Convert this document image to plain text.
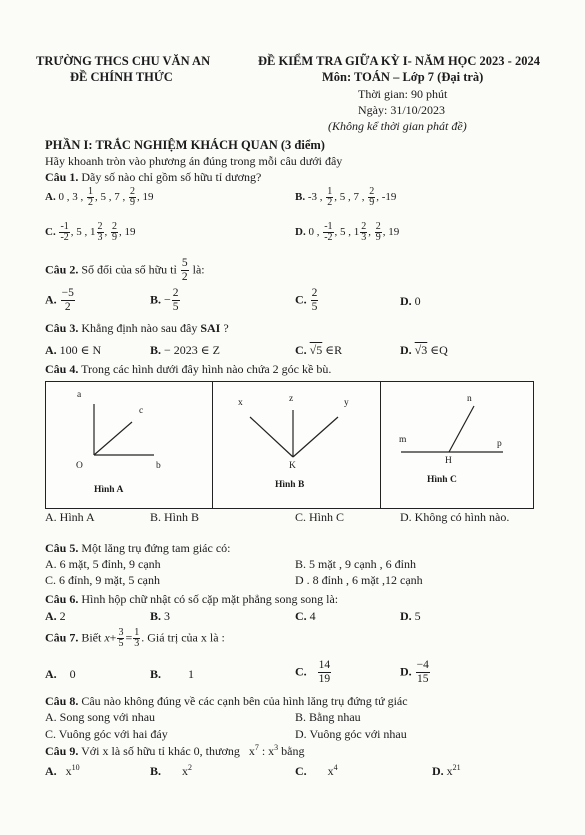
TRƯỜNG THCS CHU VĂN AN
ĐỀ CHÍNH THỨC
ĐỀ KIỂM TRA GIỮA KỲ I- NĂM HỌC 2023 - 2024
Môn: TOÁN – Lớp 7 (Đại trà)
Thời gian: 90 phút
Ngày: 31/10/2023
(Không kể thời gian phát đề)
PHẦN I: TRẮC NGHIỆM KHÁCH QUAN (3 điểm)
Hãy khoanh tròn vào phương án đúng trong mỗi câu dưới đây
Câu 1. Dãy số nào chỉ gồm số hữu tỉ dương?
A. 0 , 3 , $\frac{1}{2}$ , 5 , 7 , $\frac{2}{9}$ , 19	B. -3 , $\frac{1}{2}$ , 5 , 7 , $\frac{2}{9}$ , -19
C. $\frac{-1}{-2}$ , 5 , $1 \frac{2}{3}$ , $\frac{2}{9}$ , 19	D. 0 , $\frac{-1}{-2}$ , 5 , $1 \frac{2}{3}$ , $\frac{2}{9}$ , 19
Câu 2. Số đối của số hữu tỉ $\frac{5}{2}$ là:
A. $\frac{-5}{2}$	B. − $\frac{2}{5}$	C. $\frac{2}{5}$	D. 0
Câu 3. Khẳng định nào sau đây SAI ?
A. 100 ∈ N	B. − 2023 ∈ Z	C. √5 ∈R	D. √3 ∈Q
Câu 4. Trong các hình dưới đây hình nào chứa 2 góc kề bù.
a
c
O	b
Hình A
x	z	y
K
Hình B
n
m	p
H
Hình C
A. Hình A	B. Hình B	C. Hình C	D. Không có hình nào.
Câu 5. Một lăng trụ đứng tam giác có:
A. 6 mặt, 5 đỉnh, 9 cạnh	B. 5 mặt , 9 cạnh , 6 đỉnh
C. 6 đỉnh, 9 mặt, 5 cạnh	D . 8 đỉnh , 6 mặt ,12 cạnh
Câu 6. Hình hộp chữ nhật có số cặp mặt phẳng song song là:
A. 2	B. 3	C. 4	D. 5
Câu 7. Biết $x+ \frac{3}{5} = \frac{1}{3}$ . Giá trị của x là :
A. 0	B. 1	C. $\frac{14}{19}$	D. $\frac{-4}{15}$
Câu 8. Câu nào không đúng về các cạnh bên của hình lăng trụ đứng tứ giác
A. Song song với nhau	B. Bằng nhau
C. Vuông góc với hai đáy	D. Vuông góc với nhau
Câu 9. Với x là số hữu tỉ khác 0, thương $x^7$ : $x^3$ bằng
A. $x^{10}$	B. $x^2$	C. $x^4$	D. $x^{21}$
